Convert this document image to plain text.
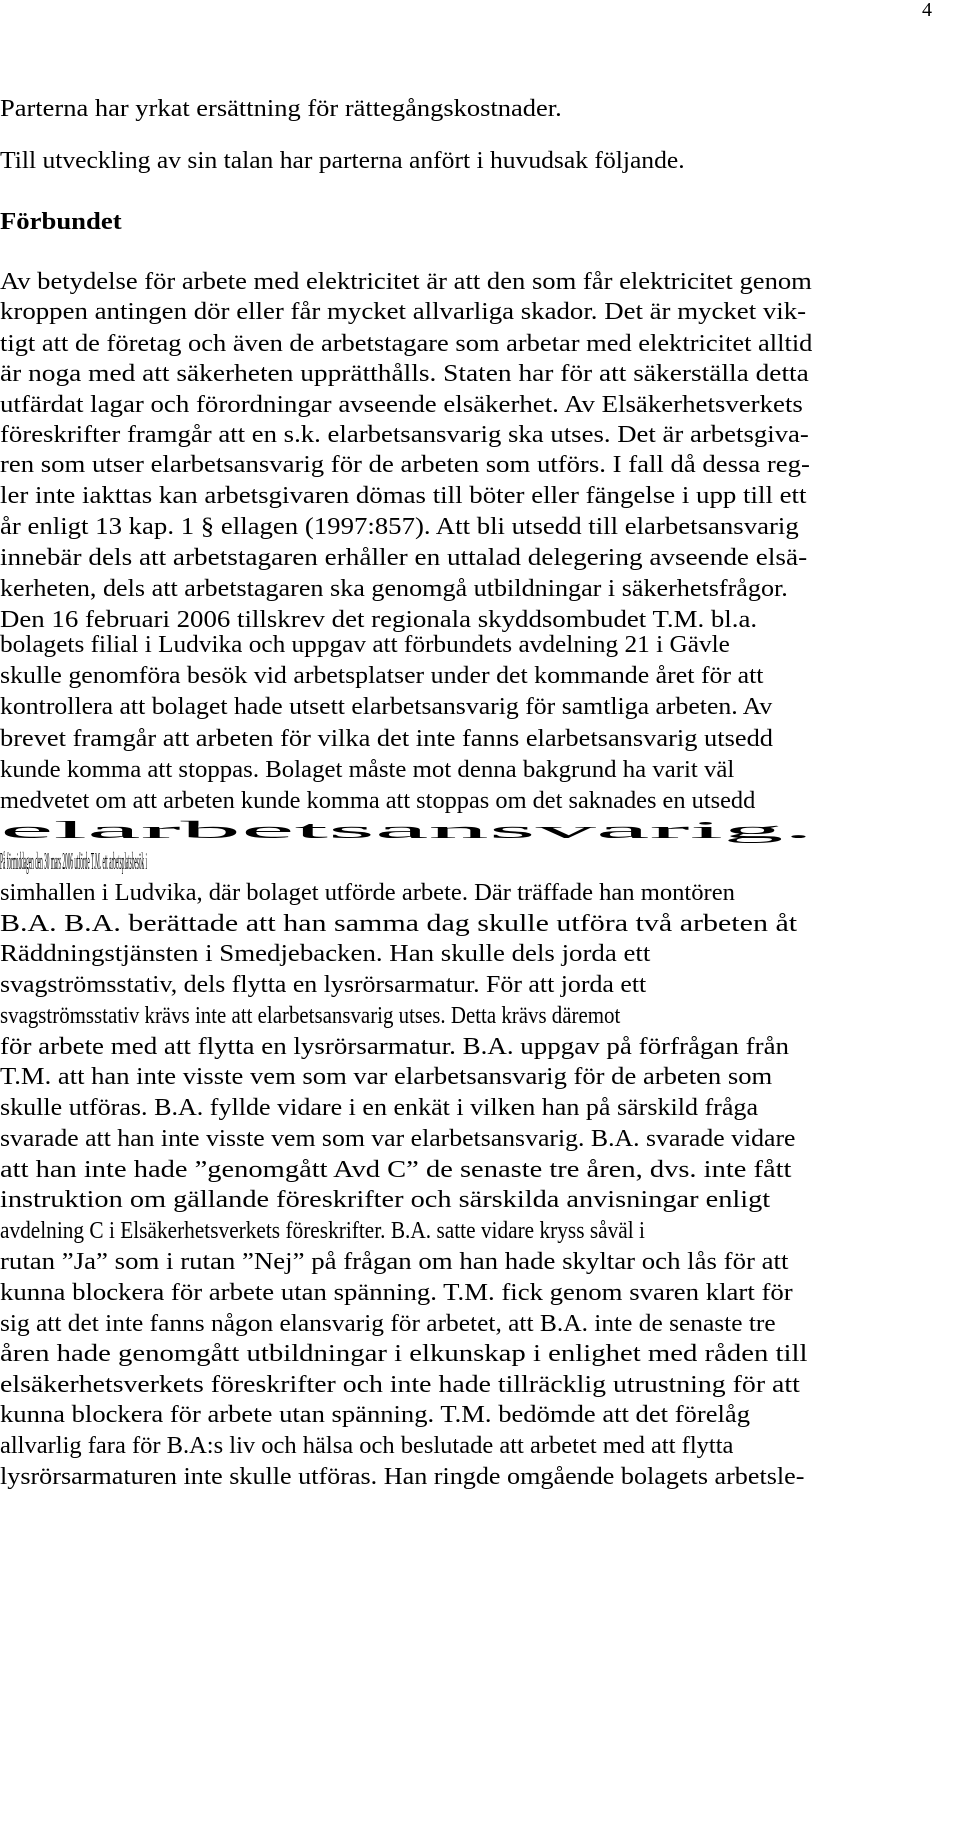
4
Parterna har yrkat ersättning för rättegångskostnader.
Till utveckling av sin talan har parterna anfört i huvudsak följande.
Förbundet
Av betydelse för arbete med elektricitet är att den som får elektricitet genom
kroppen antingen dör eller får mycket allvarliga skador. Det är mycket vik-
tigt att de företag och även de arbetstagare som arbetar med elektricitet alltid
är noga med att säkerheten upprätthålls. Staten har för att säkerställa detta
utfärdat lagar och förordningar avseende elsäkerhet. Av Elsäkerhetsverkets
föreskrifter framgår att en s.k. elarbetsansvarig ska utses. Det är arbetsgiva-
ren som utser elarbetsansvarig för de arbeten som utförs. I fall då dessa reg-
ler inte iakttas kan arbetsgivaren dömas till böter eller fängelse i upp till ett
år enligt 13 kap. 1 § ellagen (1997:857). Att bli utsedd till elarbetsansvarig
innebär dels att arbetstagaren erhåller en uttalad delegering avseende elsä-
kerheten, dels att arbetstagaren ska genomgå utbildningar i säkerhetsfrågor.
Den 16 februari 2006 tillskrev det regionala skyddsombudet T.M. bl.a.
bolagets filial i Ludvika och uppgav att förbundets avdelning 21 i Gävle
skulle genomföra besök vid arbetsplatser under det kommande året för att
kontrollera att bolaget hade utsett elarbetsansvarig för samtliga arbeten. Av
brevet framgår att arbeten för vilka det inte fanns elarbetsansvarig utsedd
kunde komma att stoppas. Bolaget måste mot denna bakgrund ha varit väl
medvetet om att arbeten kunde komma att stoppas om det saknades en utsedd
elarbetsansvarig.
På förmiddagen den 30 mars 2006 utförde T.M. ett arbetsplatsbesök i
simhallen i Ludvika, där bolaget utförde arbete. Där träffade han montören
B.A. B.A. berättade att han samma dag skulle utföra två arbeten åt
Räddningstjänsten i Smedjebacken. Han skulle dels jorda ett
svagströmsstativ, dels flytta en lysrörsarmatur. För att jorda ett
svagströmsstativ krävs inte att elarbetsansvarig utses. Detta krävs däremot
för arbete med att flytta en lysrörsarmatur. B.A. uppgav på förfrågan från
T.M. att han inte visste vem som var elarbetsansvarig för de arbeten som
skulle utföras. B.A. fyllde vidare i en enkät i vilken han på särskild fråga
svarade att han inte visste vem som var elarbetsansvarig. B.A. svarade vidare
att han inte hade ”genomgått Avd C” de senaste tre åren, dvs. inte fått
instruktion om gällande föreskrifter och särskilda anvisningar enligt
avdelning C i Elsäkerhetsverkets föreskrifter. B.A. satte vidare kryss såväl i
rutan ”Ja” som i rutan ”Nej” på frågan om han hade skyltar och lås för att
kunna blockera för arbete utan spänning. T.M. fick genom svaren klart för
sig att det inte fanns någon elansvarig för arbetet, att B.A. inte de senaste tre
åren hade genomgått utbildningar i elkunskap i enlighet med råden till
elsäkerhetsverkets föreskrifter och inte hade tillräcklig utrustning för att
kunna blockera för arbete utan spänning. T.M. bedömde att det förelåg
allvarlig fara för B.A:s liv och hälsa och beslutade att arbetet med att flytta
lysrörsarmaturen inte skulle utföras. Han ringde omgående bolagets arbetsle-
